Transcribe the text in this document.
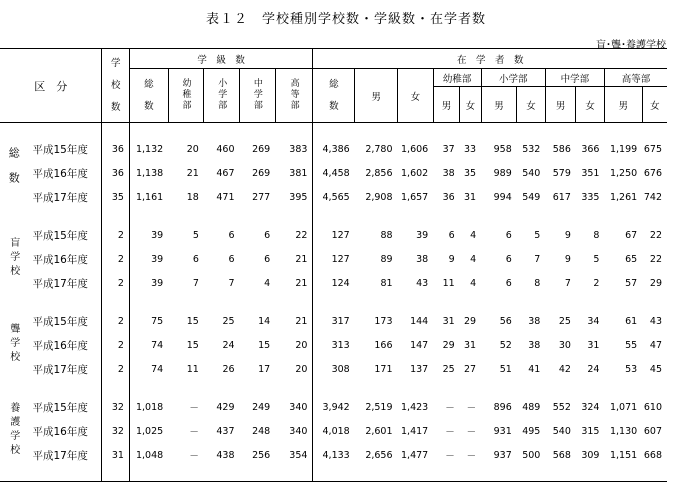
表１２　学校種別学校数・学級数・在学者数
盲･聾･養護学校
区　分		学
校
数	学　級　数					在　学　者　数										
			総
数	幼稚部	小学部	中学部	高等部	総
数	男	女	幼稚部		小学部		中学部		高等部	
											男	女	男	女	男	女	男	女

総数	平成15年度	36	1,132	20	460	269	383	4,386	2,780	1,606	37	33	958	532	586	366	1,199	675
	平成16年度	36	1,138	21	467	269	381	4,458	2,856	1,602	38	35	989	540	579	351	1,250	676
	平成17年度	35	1,161	18	471	277	395	4,565	2,908	1,657	36	31	994	549	617	335	1,261	742

盲学校	平成15年度	2	39	5	6	6	22	127	88	39	6	4	6	5	9	8	67	22
	平成16年度	2	39	6	6	6	21	127	89	38	9	4	6	7	9	5	65	22
	平成17年度	2	39	7	7	4	21	124	81	43	11	4	6	8	7	2	57	29

聾学校	平成15年度	2	75	15	25	14	21	317	173	144	31	29	56	38	25	34	61	43
	平成16年度	2	74	15	24	15	20	313	166	147	29	31	52	38	30	31	55	47
	平成17年度	2	74	11	26	17	20	308	171	137	25	27	51	41	42	24	53	45

養護学校	平成15年度	32	1,018	－	429	249	340	3,942	2,519	1,423	－	－	896	489	552	324	1,071	610
	平成16年度	32	1,025	－	437	248	340	4,018	2,601	1,417	－	－	931	495	540	315	1,130	607
	平成17年度	31	1,048	－	438	256	354	4,133	2,656	1,477	－	－	937	500	568	309	1,151	668
